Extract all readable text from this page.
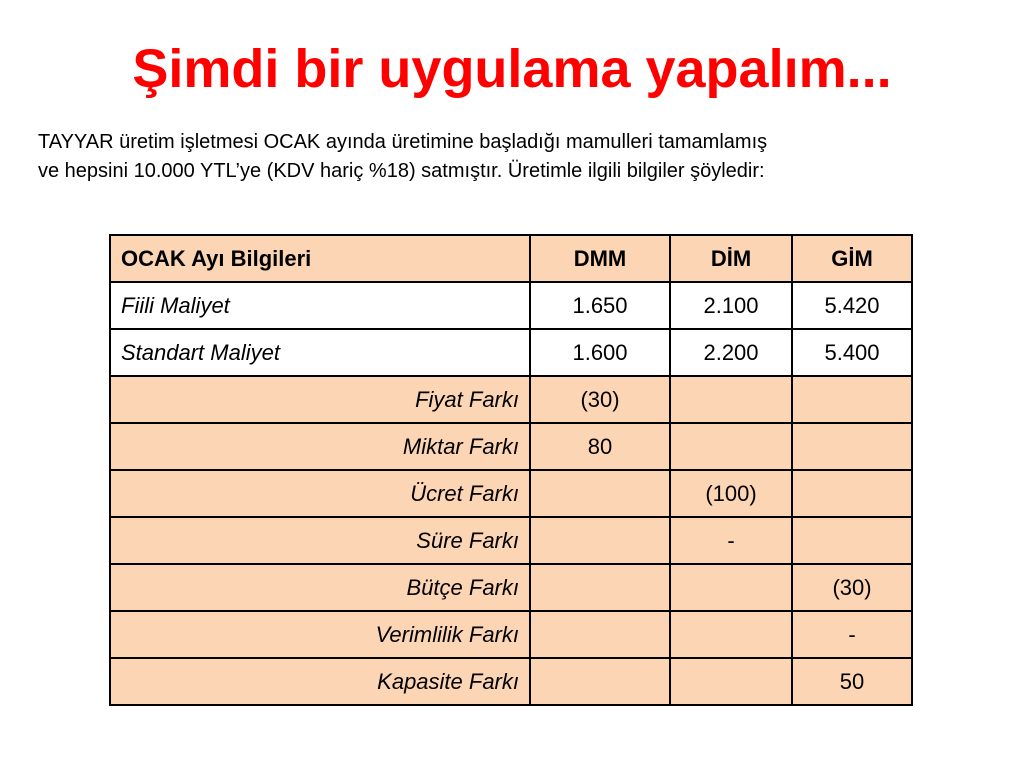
Şimdi bir uygulama yapalım...
TAYYAR üretim işletmesi OCAK ayında üretimine başladığı mamulleri tamamlamış
ve hepsini 10.000 YTL’ye (KDV hariç %18) satmıştır. Üretimle ilgili bilgiler şöyledir:
OCAK Ayı Bilgileri	DMM	DİM	GİM
Fiili Maliyet	1.650	2.100	5.420
Standart Maliyet	1.600	2.200	5.400
Fiyat Farkı	(30)		
Miktar Farkı	80		
Ücret Farkı		(100)	
Süre Farkı		-	
Bütçe Farkı			(30)
Verimlilik Farkı			-
Kapasite Farkı			50
